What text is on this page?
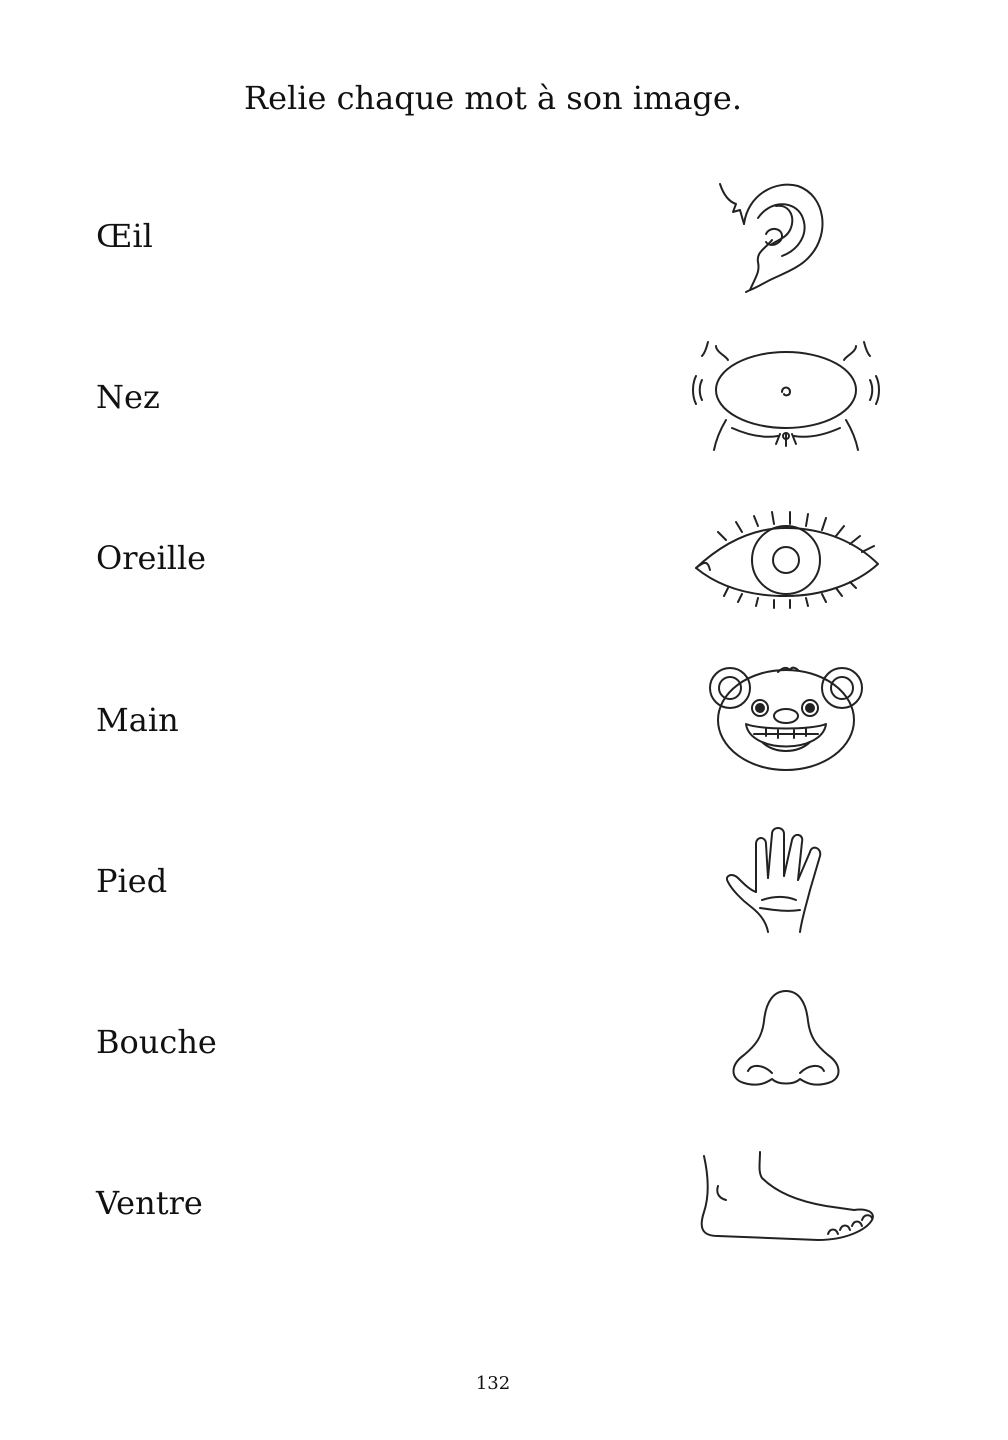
Relie chaque mot à son image.
Œil
Nez
Oreille
Main
Pied
Bouche
Ventre
132
